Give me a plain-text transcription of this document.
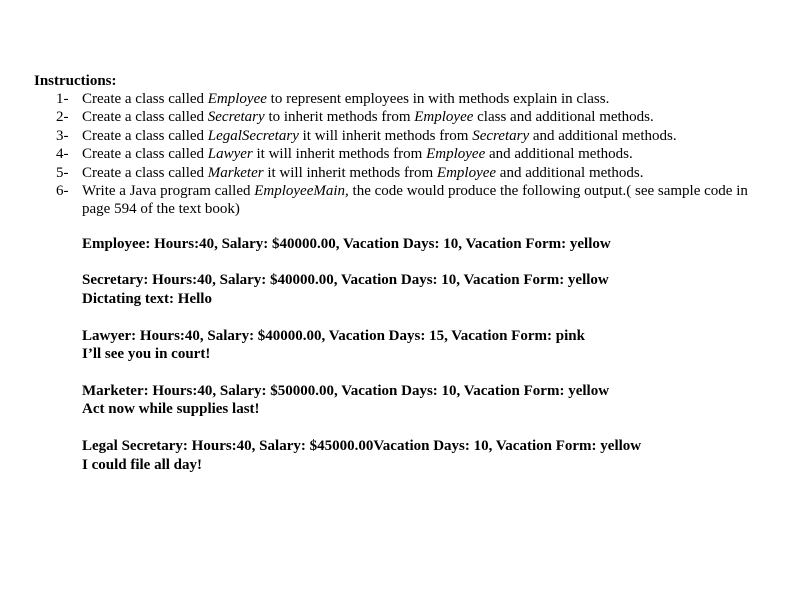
Instructions:
1- Create a class called Employee to represent employees in with methods explain in class.
2- Create a class called Secretary to inherit methods from Employee class and additional methods.
3- Create a class called LegalSecretary it will inherit methods from Secretary and additional methods.
4- Create a class called Lawyer it will inherit methods from Employee and additional methods.
5- Create a class called Marketer it will inherit methods from Employee and additional methods.
6- Write a Java program called EmployeeMain, the code would produce the following output.( see sample code in page 594 of the text book)
Employee: Hours:40, Salary: $40000.00, Vacation Days: 10, Vacation Form: yellow
Secretary: Hours:40, Salary: $40000.00, Vacation Days: 10, Vacation Form: yellow
Dictating text: Hello
Lawyer: Hours:40, Salary: $40000.00, Vacation Days: 15, Vacation Form: pink
I’ll see you in court!
Marketer: Hours:40, Salary: $50000.00, Vacation Days: 10, Vacation Form: yellow
Act now while supplies last!
Legal Secretary: Hours:40, Salary: $45000.00Vacation Days: 10, Vacation Form: yellow
I could file all day!
